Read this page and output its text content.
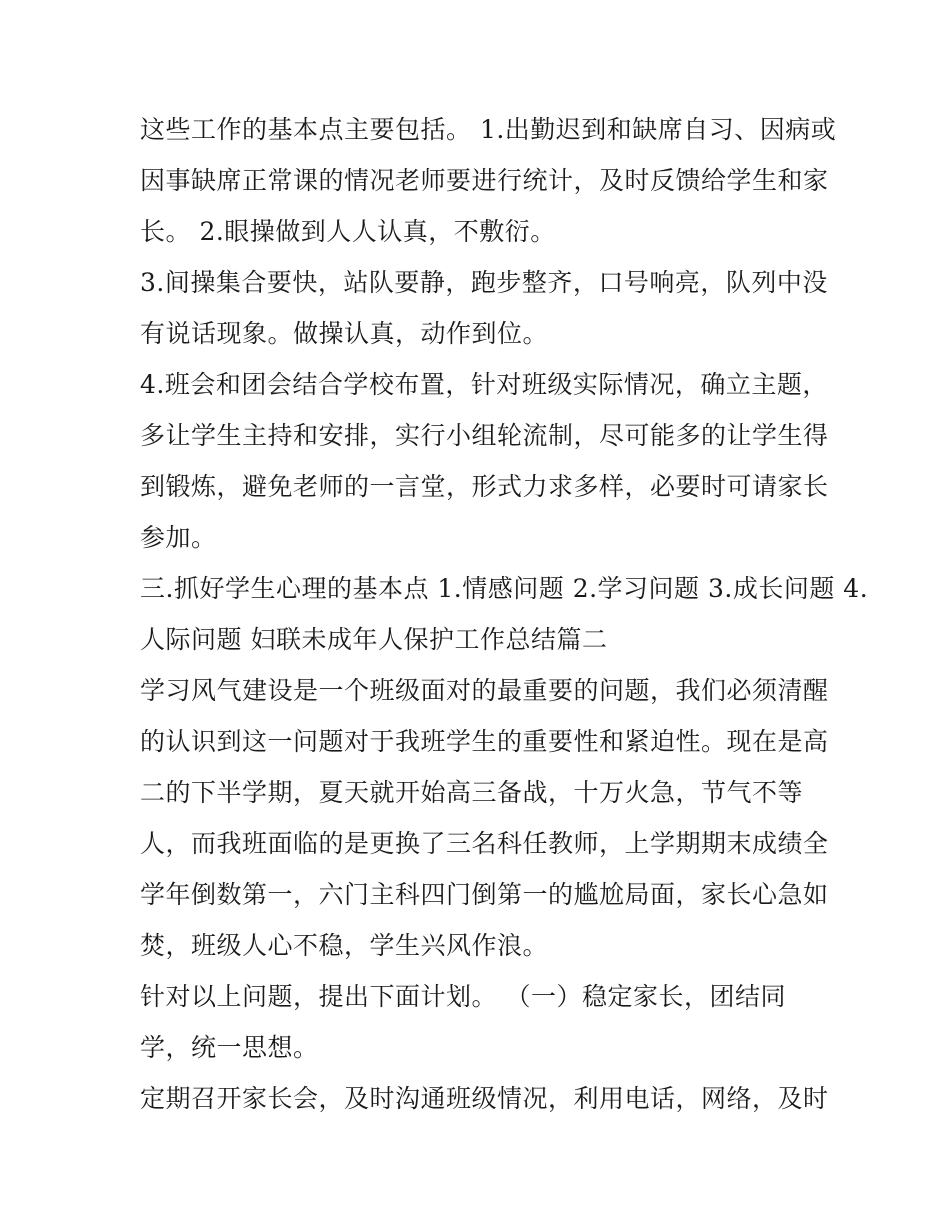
这些工作的基本点主要包括。 1.出勤迟到和缺席自习、因病或
因事缺席正常课的情况老师要进行统计，及时反馈给学生和家
长。 2.眼操做到人人认真，不敷衍。
3.间操集合要快，站队要静，跑步整齐，口号响亮，队列中没
有说话现象。做操认真，动作到位。
4.班会和团会结合学校布置，针对班级实际情况，确立主题，
多让学生主持和安排，实行小组轮流制，尽可能多的让学生得
到锻炼，避免老师的一言堂，形式力求多样，必要时可请家长
参加。
三.抓好学生心理的基本点 1.情感问题 2.学习问题 3.成长问题 4.
人际问题 妇联未成年人保护工作总结篇二
学习风气建设是一个班级面对的最重要的问题，我们必须清醒
的认识到这一问题对于我班学生的重要性和紧迫性。现在是高
二的下半学期，夏天就开始高三备战，十万火急，节气不等
人，而我班面临的是更换了三名科任教师，上学期期末成绩全
学年倒数第一，六门主科四门倒第一的尴尬局面，家长心急如
焚，班级人心不稳，学生兴风作浪。
针对以上问题，提出下面计划。 （一）稳定家长，团结同
学，统一思想。
定期召开家长会，及时沟通班级情况，利用电话，网络，及时
